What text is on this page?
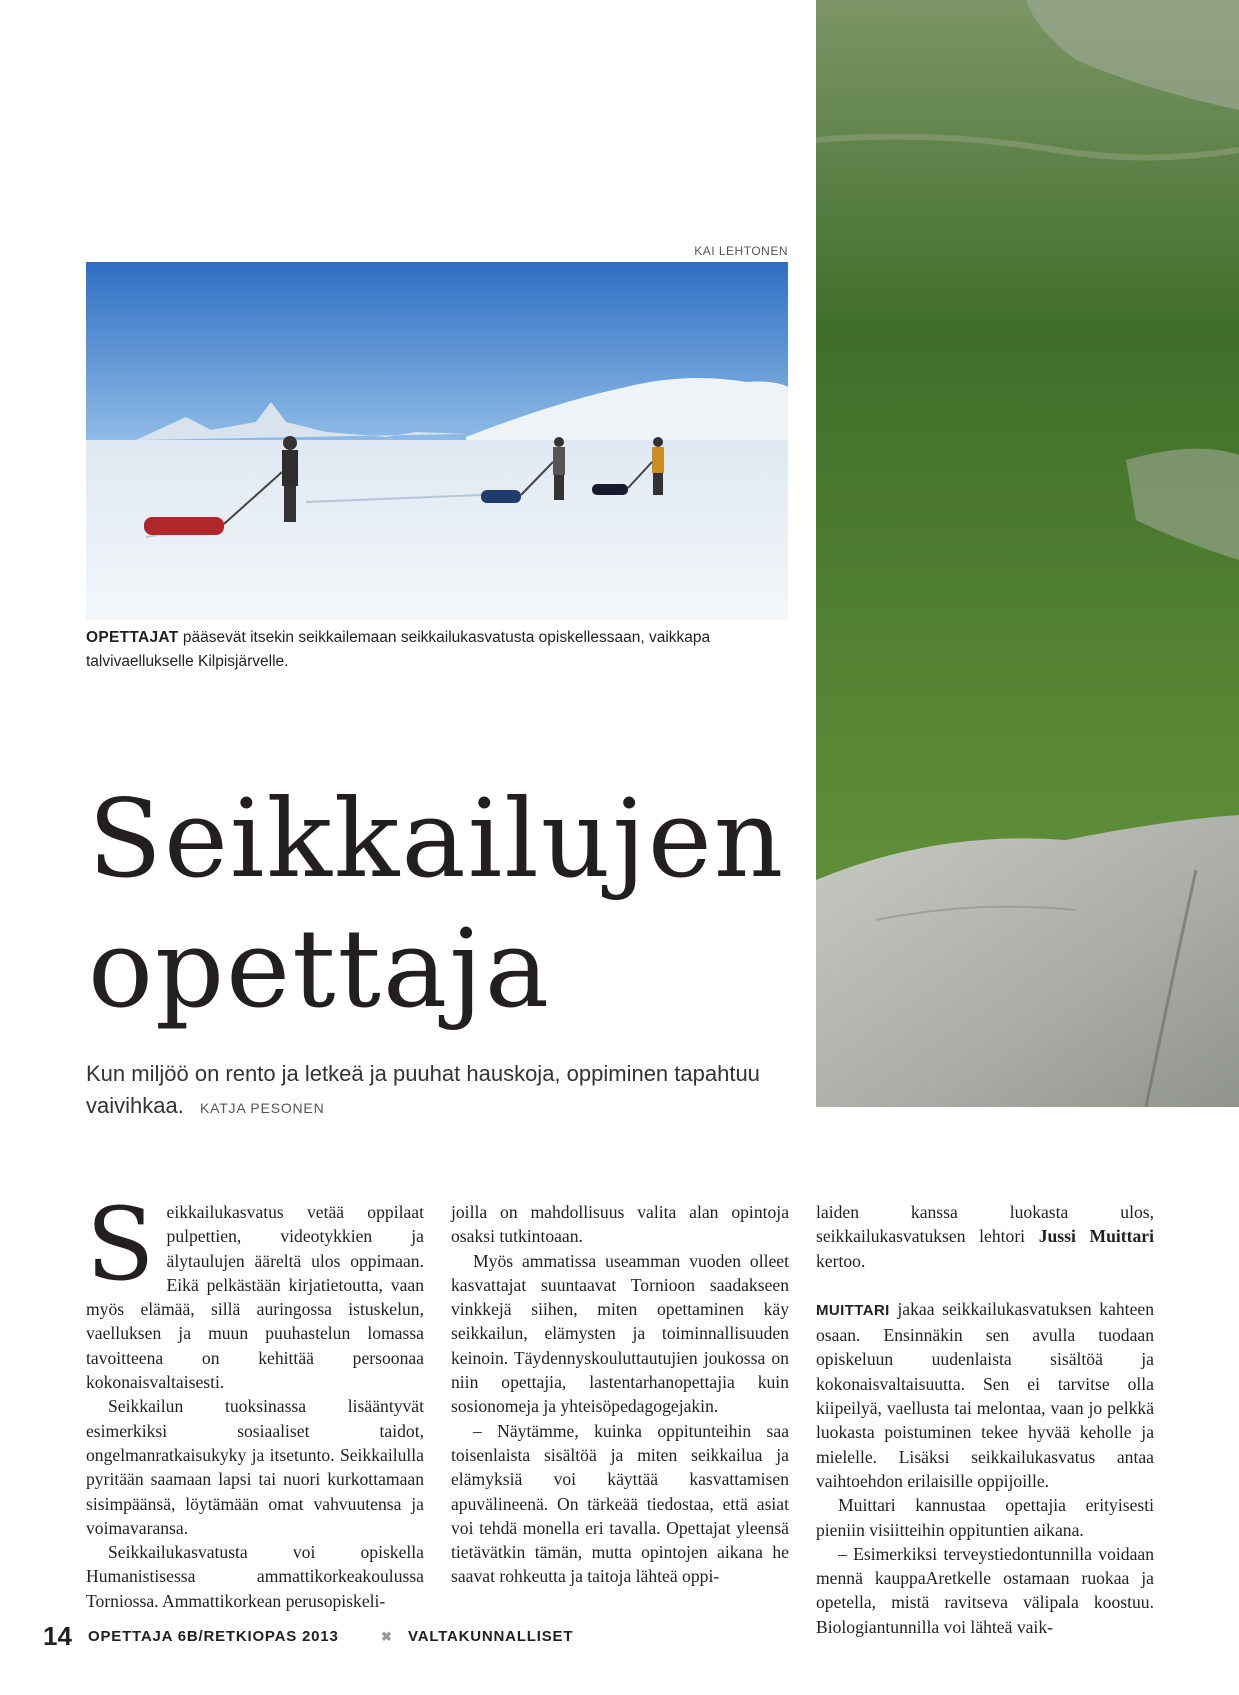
KAI LEHTONEN
OPETTAJAT pääsevät itsekin seikkailemaan seikkailukasvatusta opiskellessaan, vaikkapa talvivaellukselle Kilpisjärvelle.
Seikkailujen
opettaja
Kun miljöö on rento ja letkeä ja puuhat hauskoja, oppiminen tapahtuu vaivihkaa. KATJA PESONEN

Seikkailukasvatus vetää oppilaat pulpettien, videotykkien ja älytaulujen ääreltä ulos oppimaan. Eikä pelkästään kirjatietoutta, vaan myös elämää, sillä auringossa istuskelun, vaelluksen ja muun puuhastelun lomassa tavoitteena on kehittää persoonaa kokonaisvaltaisesti.

Seikkailun tuoksinassa lisääntyvät esimerkiksi sosiaaliset taidot, ongelmanratkaisukyky ja itsetunto. Seikkailulla pyritään saamaan lapsi tai nuori kurkottamaan sisimpäänsä, löytämään omat vahvuutensa ja voimavaransa.

Seikkailukasvatusta voi opiskella Humanistisessa ammattikorkeakoulussa Torniossa. Ammattikorkean perusopiskeli-

joilla on mahdollisuus valita alan opintoja osaksi tutkintoaan.

Myös ammatissa useamman vuoden olleet kasvattajat suuntaavat Tornioon saadakseen vinkkejä siihen, miten opettaminen käy seikkailun, elämysten ja toiminnallisuuden keinoin. Täydennyskouluttautujien joukossa on niin opettajia, lastentarhanopettajia kuin sosionomeja ja yhteisöpedagogejakin.

– Näytämme, kuinka oppitunteihin saa toisenlaista sisältöä ja miten seikkailua ja elämyksiä voi käyttää kasvattamisen apuvälineenä. On tärkeää tiedostaa, että asiat voi tehdä monella eri tavalla. Opettajat yleensä tietävätkin tämän, mutta opintojen aikana he saavat rohkeutta ja taitoja lähteä oppi-

laiden kanssa luokasta ulos, seikkailukasvatuksen lehtori Jussi Muittari kertoo.

MUITTARI jakaa seikkailukasvatuksen kahteen osaan. Ensinnäkin sen avulla tuodaan opiskeluun uudenlaista sisältöä ja kokonaisvaltaisuutta. Sen ei tarvitse olla kiipeilyä, vaellusta tai melontaa, vaan jo pelkkä luokasta poistuminen tekee hyvää keholle ja mielelle. Lisäksi seikkailukasvatus antaa vaihtoehdon erilaisille oppijoille.

Muittari kannustaa opettajia erityisesti pieniin visiitteihin oppituntien aikana.

– Esimerkiksi terveystiedontunnilla voidaan mennä kauppaAretkelle ostamaan ruokaa ja opetella, mistä ravitseva välipala koostuu. Biologiantunnilla voi lähteä vaik-

14 OPETTAJA 6B/RETKIOPAS 2013	✖ VALTAKUNNALLISET
